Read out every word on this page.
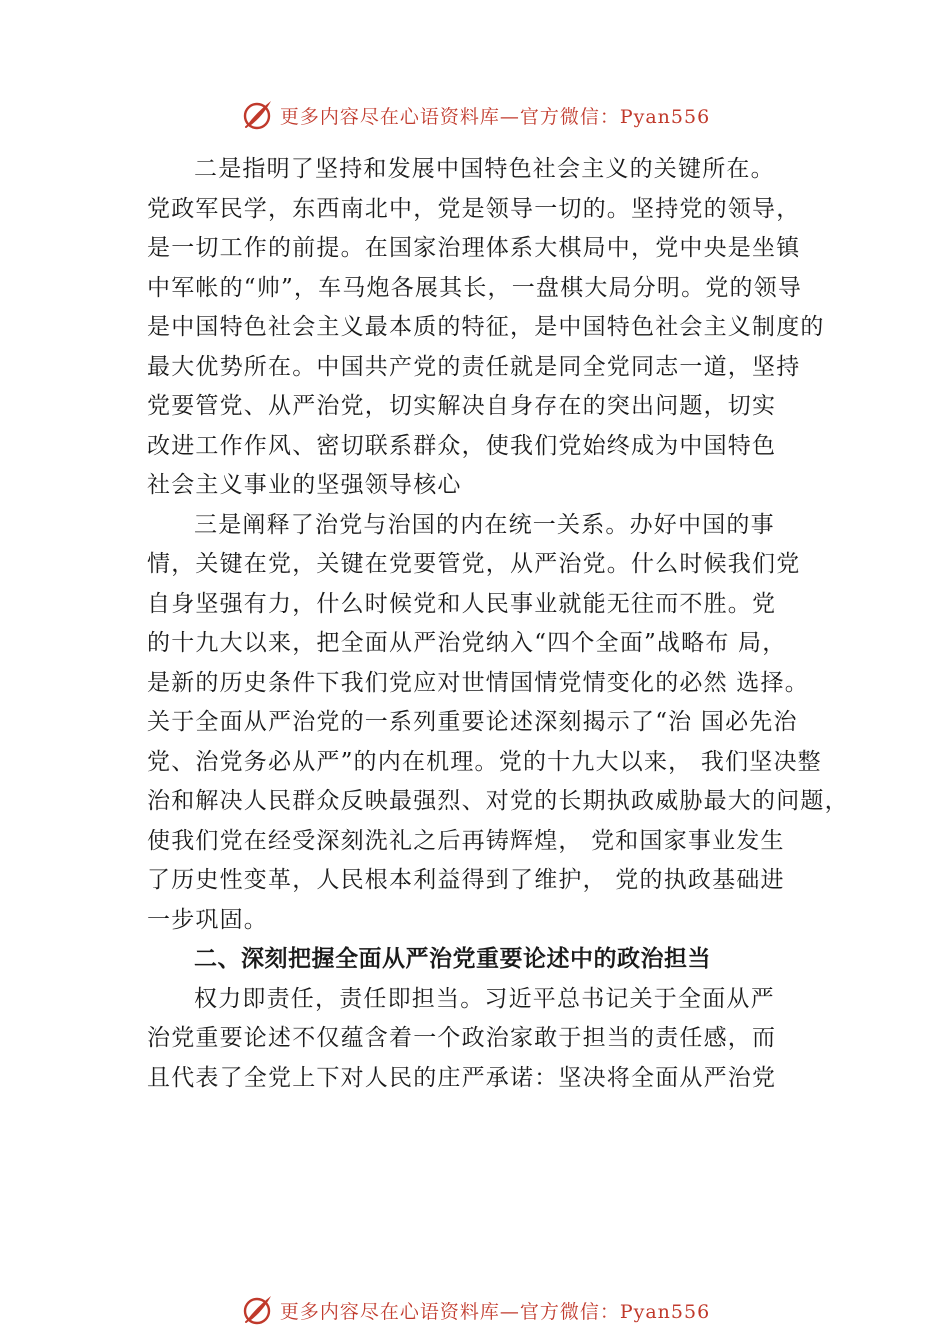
更多内容尽在心语资料库—官方微信：Pyan556
二是指明了坚持和发展中国特色社会主义的关键所在。
党政军民学，东西南北中，党是领导一切的。坚持党的领导，
是一切工作的前提。在国家治理体系大棋局中，党中央是坐镇
中军帐的“帅”，车马炮各展其长，一盘棋大局分明。党的领导
是中国特色社会主义最本质的特征，是中国特色社会主义制度的
最大优势所在。中国共产党的责任就是同全党同志一道，坚持
党要管党、从严治党，切实解决自身存在的突出问题，切实
改进工作作风、密切联系群众，使我们党始终成为中国特色
社会主义事业的坚强领导核心
三是阐释了治党与治国的内在统一关系。办好中国的事
情，关键在党，关键在党要管党，从严治党。什么时候我们党
自身坚强有力，什么时候党和人民事业就能无往而不胜。党
的十九大以来，把全面从严治党纳入“四个全面”战略布 局，
是新的历史条件下我们党应对世情国情党情变化的必然 选择。
关于全面从严治党的一系列重要论述深刻揭示了“治 国必先治
党、治党务必从严”的内在机理。党的十九大以来， 我们坚决整
治和解决人民群众反映最强烈、对党的长期执政威胁最大的问题，
使我们党在经受深刻洗礼之后再铸辉煌， 党和国家事业发生
了历史性变革，人民根本利益得到了维护， 党的执政基础进
一步巩固。
二、深刻把握全面从严治党重要论述中的政治担当
权力即责任，责任即担当。习近平总书记关于全面从严
治党重要论述不仅蕴含着一个政治家敢于担当的责任感，而
且代表了全党上下对人民的庄严承诺：坚决将全面从严治党
更多内容尽在心语资料库—官方微信：Pyan556
